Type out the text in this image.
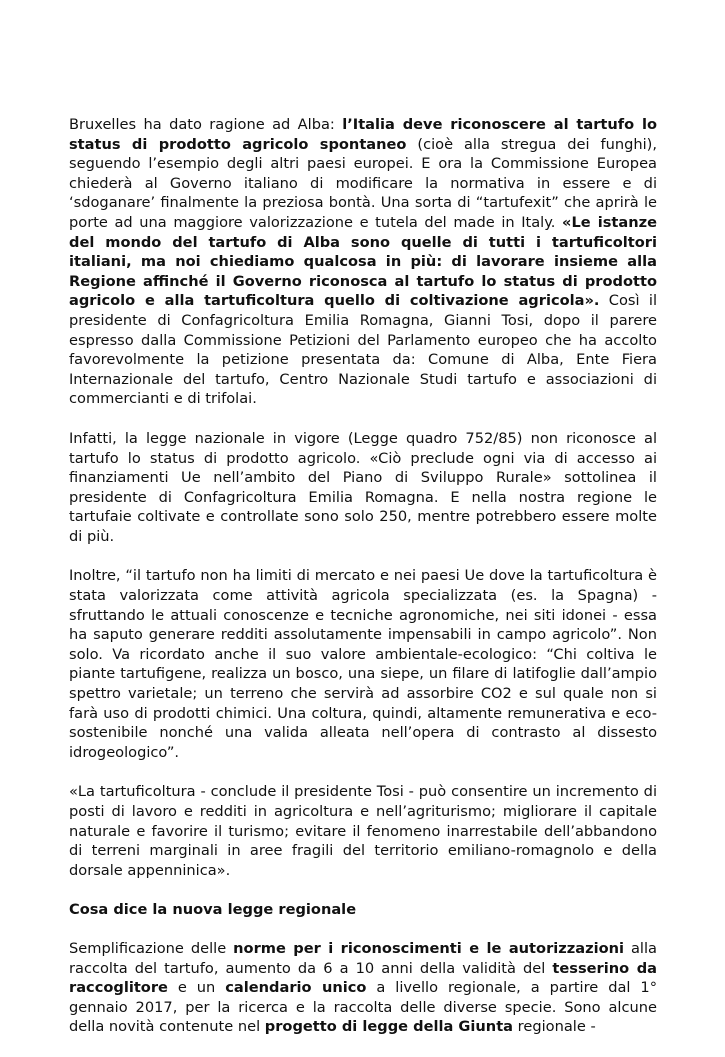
Bruxelles ha dato ragione ad Alba: l’Italia deve riconoscere al tartufo lo status di prodotto agricolo spontaneo (cioè alla stregua dei funghi), seguendo l’esempio degli altri paesi europei. E ora la Commissione Europea chiederà al Governo italiano di modificare la normativa in essere e di ‘sdoganare’ finalmente la preziosa bontà. Una sorta di “tartufexit” che aprirà le porte ad una maggiore valorizzazione e tutela del made in Italy. «Le istanze del mondo del tartufo di Alba sono quelle di tutti i tartuficoltori italiani, ma noi chiediamo qualcosa in più: di lavorare insieme alla Regione affinché il Governo riconosca al tartufo lo status di prodotto agricolo e alla tartuficoltura quello di coltivazione agricola». Così il presidente di Confagricoltura Emilia Romagna, Gianni Tosi, dopo il parere espresso dalla Commissione Petizioni del Parlamento europeo che ha accolto favorevolmente la petizione presentata da: Comune di Alba, Ente Fiera Internazionale del tartufo, Centro Nazionale Studi tartufo e associazioni di commercianti e di trifolai.

Infatti, la legge nazionale in vigore (Legge quadro 752/85) non riconosce al tartufo lo status di prodotto agricolo. «Ciò preclude ogni via di accesso ai finanziamenti Ue nell’ambito del Piano di Sviluppo Rurale» sottolinea il presidente di Confagricoltura Emilia Romagna. E nella nostra regione le tartufaie coltivate e controllate sono solo 250, mentre potrebbero essere molte di più.

Inoltre, “il tartufo non ha limiti di mercato e nei paesi Ue dove la tartuficoltura è stata valorizzata come attività agricola specializzata (es. la Spagna) - sfruttando le attuali conoscenze e tecniche agronomiche, nei siti idonei - essa ha saputo generare redditi assolutamente impensabili in campo agricolo”. Non solo. Va ricordato anche il suo valore ambientale-ecologico: “Chi coltiva le piante tartufigene, realizza un bosco, una siepe, un filare di latifoglie dall’ampio spettro varietale; un terreno che servirà ad assorbire CO2 e sul quale non si farà uso di prodotti chimici. Una coltura, quindi, altamente remunerativa e eco-sostenibile nonché una valida alleata nell’opera di contrasto al dissesto idrogeologico”.

«La tartuficoltura - conclude il presidente Tosi - può consentire un incremento di posti di lavoro e redditi in agricoltura e nell’agriturismo; migliorare il capitale naturale e favorire il turismo; evitare il fenomeno inarrestabile dell’abbandono di terreni marginali in aree fragili del territorio emiliano-romagnolo e della dorsale appenninica».

Cosa dice la nuova legge regionale

Semplificazione delle norme per i riconoscimenti e le autorizzazioni alla raccolta del tartufo, aumento da 6 a 10 anni della validità del tesserino da raccoglitore e un calendario unico a livello regionale, a partire dal 1° gennaio 2017, per la ricerca e la raccolta delle diverse specie. Sono alcune della novità contenute nel progetto di legge della Giunta regionale -
